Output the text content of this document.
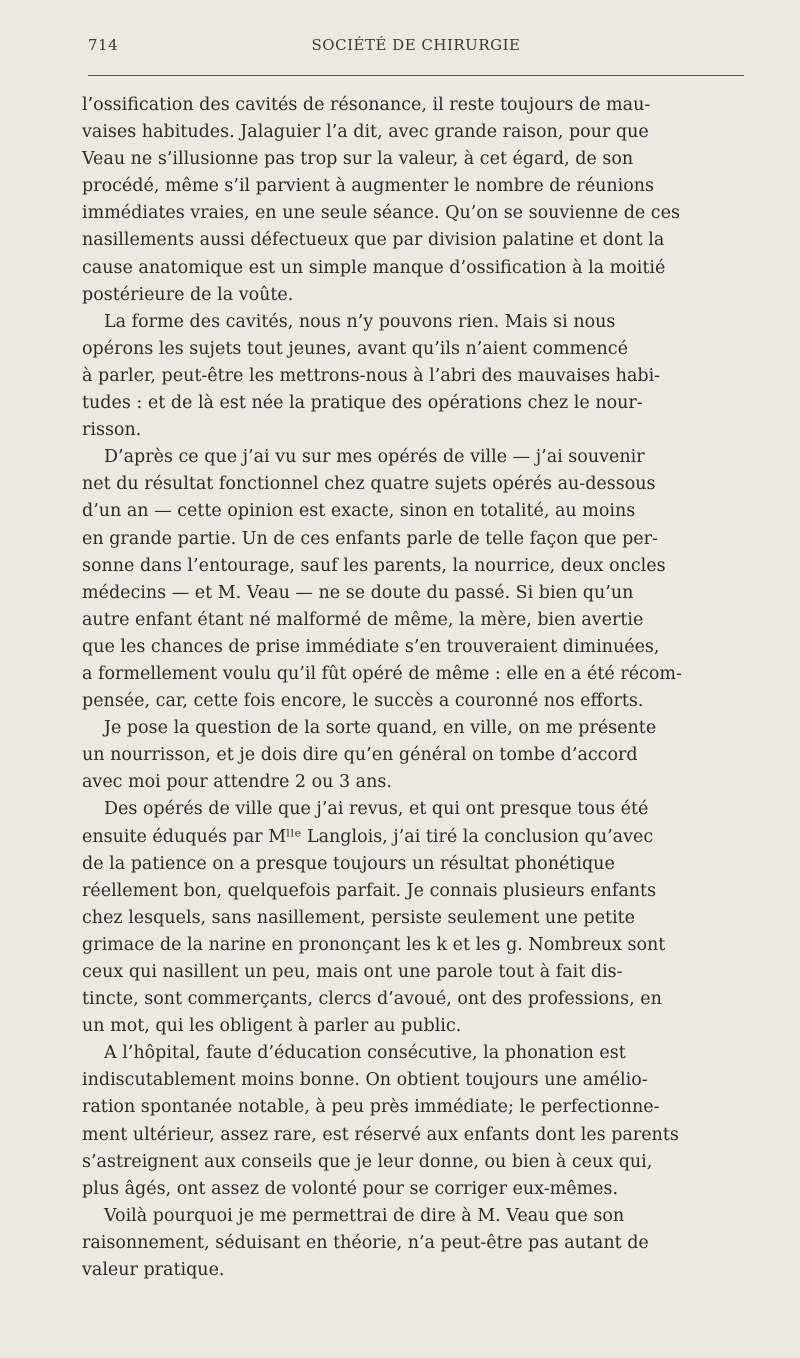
714	SOCIÉTÉ DE CHIRURGIE

l’ossification des cavités de résonance, il reste toujours de mau-
vaises habitudes. Jalaguier l’a dit, avec grande raison, pour que
Veau ne s’illusionne pas trop sur la valeur, à cet égard, de son
procédé, même s’il parvient à augmenter le nombre de réunions
immédiates vraies, en une seule séance. Qu’on se souvienne de ces
nasillements aussi défectueux que par division palatine et dont la
cause anatomique est un simple manque d’ossification à la moitié
postérieure de la voûte.

La forme des cavités, nous n’y pouvons rien. Mais si nous
opérons les sujets tout jeunes, avant qu’ils n’aient commencé
à parler, peut-être les mettrons-nous à l’abri des mauvaises habi-
tudes : et de là est née la pratique des opérations chez le nour-
risson.

D’après ce que j’ai vu sur mes opérés de ville — j’ai souvenir
net du résultat fonctionnel chez quatre sujets opérés au-dessous
d’un an — cette opinion est exacte, sinon en totalité, au moins
en grande partie. Un de ces enfants parle de telle façon que per-
sonne dans l’entourage, sauf les parents, la nourrice, deux oncles
médecins — et M. Veau — ne se doute du passé. Si bien qu’un
autre enfant étant né malformé de même, la mère, bien avertie
que les chances de prise immédiate s’en trouveraient diminuées,
a formellement voulu qu’il fût opéré de même : elle en a été récom-
pensée, car, cette fois encore, le succès a couronné nos efforts.

Je pose la question de la sorte quand, en ville, on me présente
un nourrisson, et je dois dire qu’en général on tombe d’accord
avec moi pour attendre 2 ou 3 ans.

Des opérés de ville que j’ai revus, et qui ont presque tous été
ensuite éduqués par Mˡˡᵉ Langlois, j’ai tiré la conclusion qu’avec
de la patience on a presque toujours un résultat phonétique
réellement bon, quelquefois parfait. Je connais plusieurs enfants
chez lesquels, sans nasillement, persiste seulement une petite
grimace de la narine en prononçant les k et les g. Nombreux sont
ceux qui nasillent un peu, mais ont une parole tout à fait dis-
tincte, sont commerçants, clercs d’avoué, ont des professions, en
un mot, qui les obligent à parler au public.

A l’hôpital, faute d’éducation consécutive, la phonation est
indiscutablement moins bonne. On obtient toujours une amélio-
ration spontanée notable, à peu près immédiate; le perfectionne-
ment ultérieur, assez rare, est réservé aux enfants dont les parents
s’astreignent aux conseils que je leur donne, ou bien à ceux qui,
plus âgés, ont assez de volonté pour se corriger eux-mêmes.

Voilà pourquoi je me permettrai de dire à M. Veau que son
raisonnement, séduisant en théorie, n’a peut-être pas autant de
valeur pratique.
